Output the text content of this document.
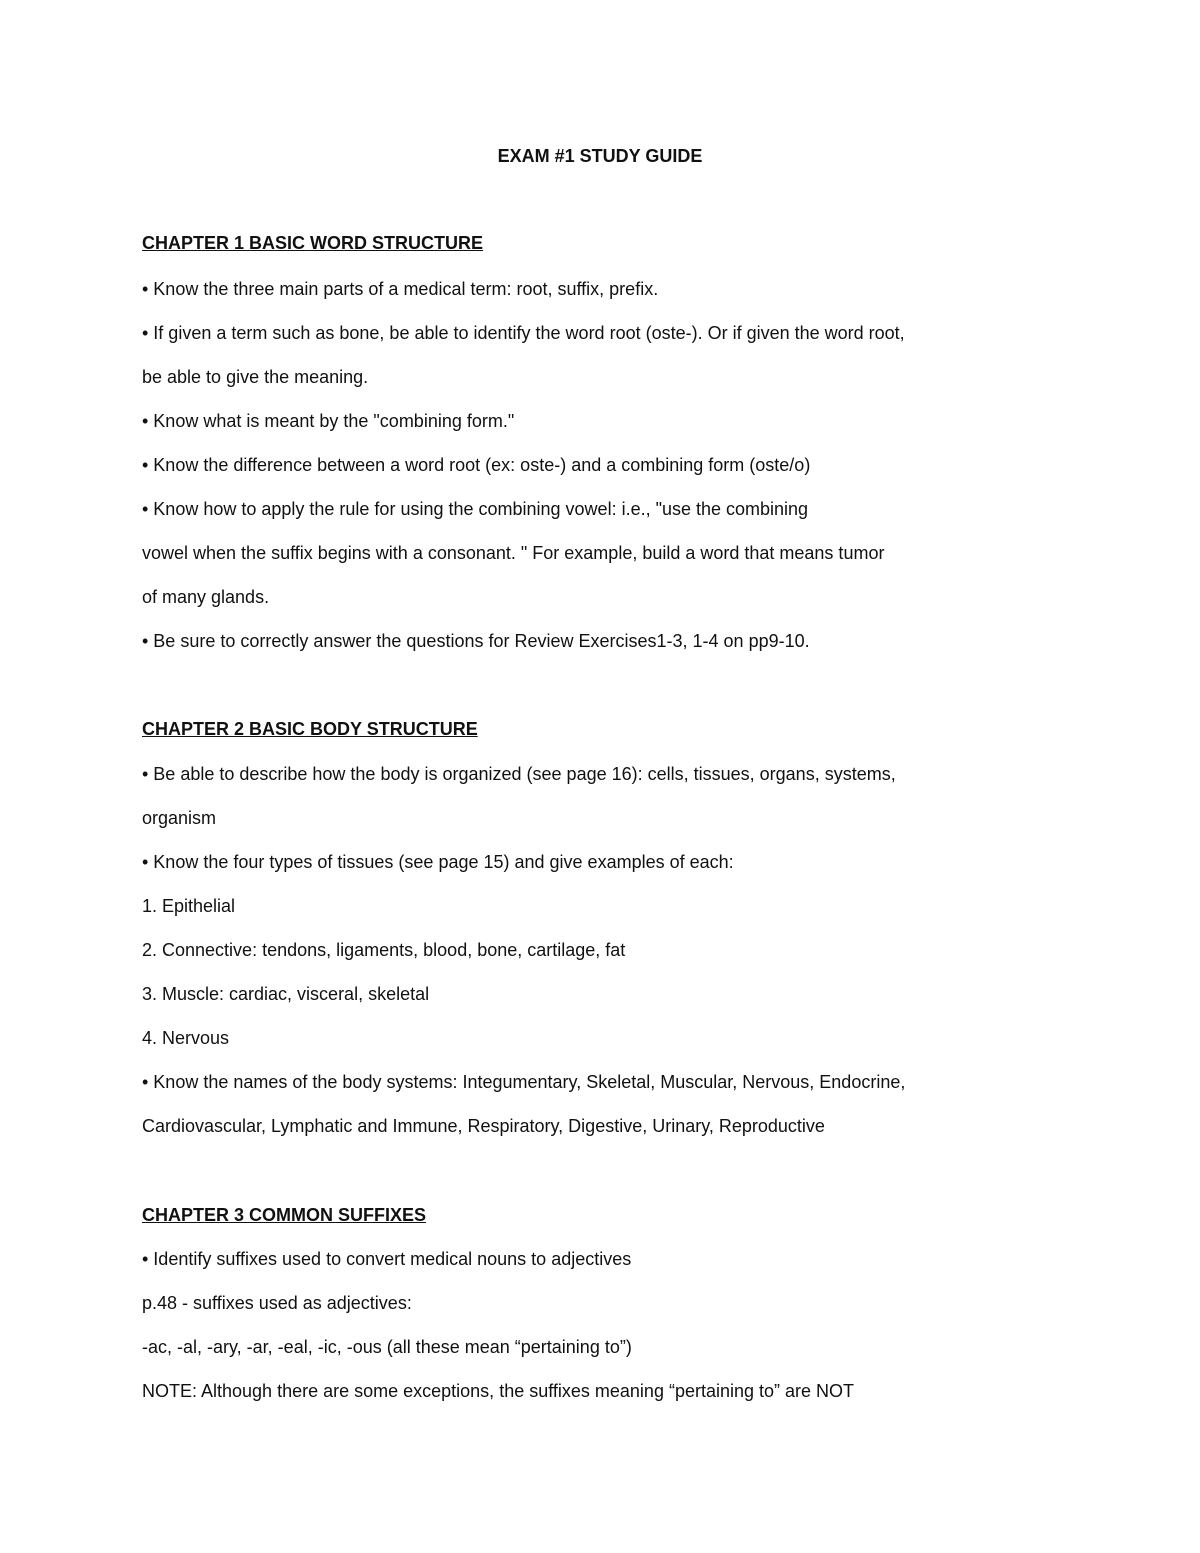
EXAM #1 STUDY GUIDE
CHAPTER 1 BASIC WORD STRUCTURE
• Know the three main parts of a medical term: root, suffix, prefix.
• If given a term such as bone, be able to identify the word root (oste-). Or if given the word root,
be able to give the meaning.
• Know what is meant by the "combining form."
• Know the difference between a word root (ex: oste-) and a combining form (oste/o)
• Know how to apply the rule for using the combining vowel: i.e., "use the combining
vowel when the suffix begins with a consonant. " For example, build a word that means tumor
of many glands.
• Be sure to correctly answer the questions for Review Exercises1-3, 1-4 on pp9-10.
CHAPTER 2 BASIC BODY STRUCTURE
• Be able to describe how the body is organized (see page 16): cells, tissues, organs, systems,
organism
• Know the four types of tissues (see page 15) and give examples of each:
1. Epithelial
2. Connective: tendons, ligaments, blood, bone, cartilage, fat
3. Muscle: cardiac, visceral, skeletal
4. Nervous
• Know the names of the body systems: Integumentary, Skeletal, Muscular, Nervous, Endocrine,
Cardiovascular, Lymphatic and Immune, Respiratory, Digestive, Urinary, Reproductive
CHAPTER 3 COMMON SUFFIXES
• Identify suffixes used to convert medical nouns to adjectives
p.48 - suffixes used as adjectives:
-ac, -al, -ary, -ar, -eal, -ic, -ous (all these mean “pertaining to”)
NOTE: Although there are some exceptions, the suffixes meaning “pertaining to” are NOT
